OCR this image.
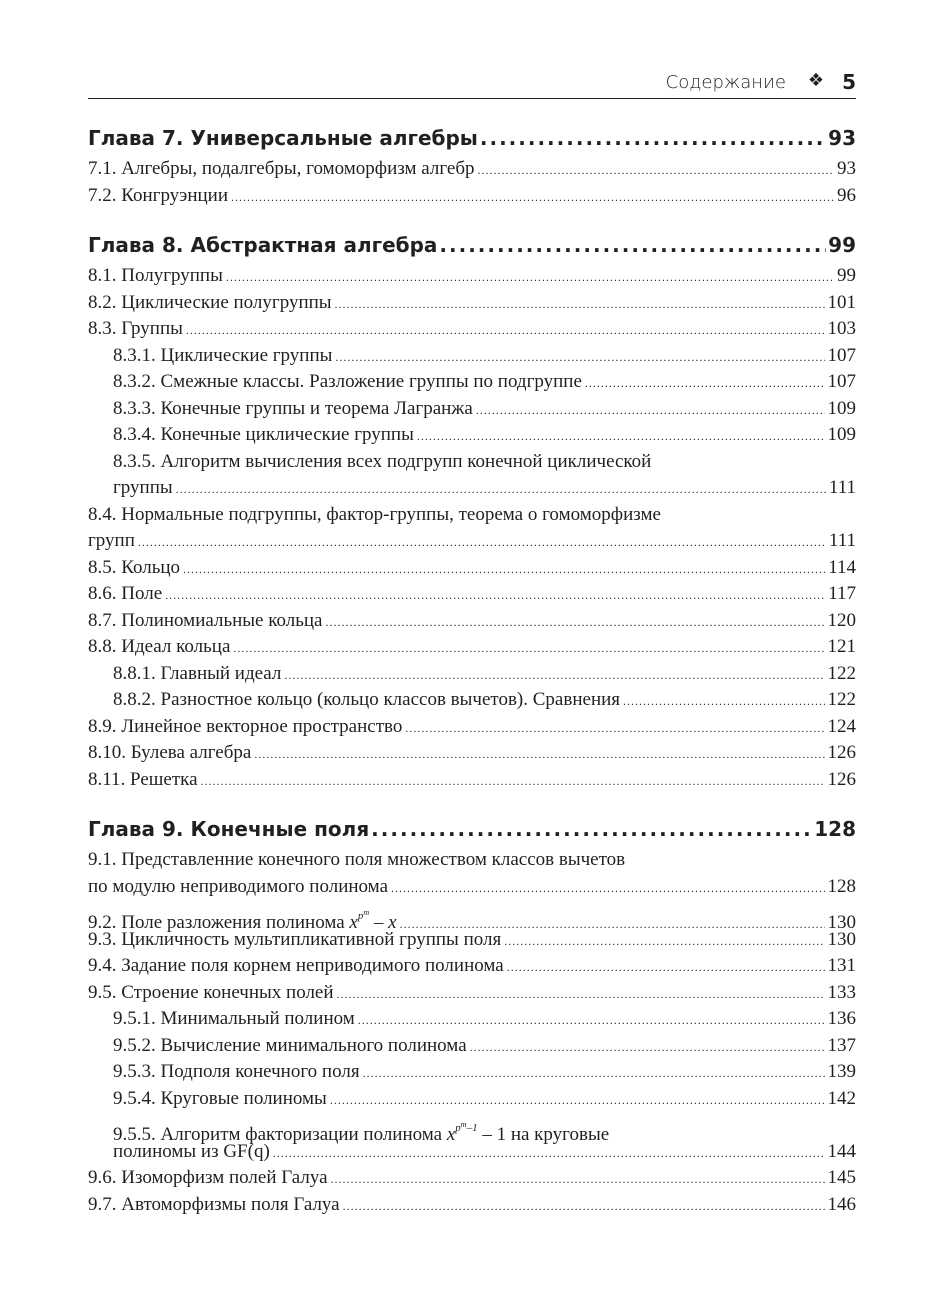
Содержание ❖ 5
Глава 7. Универсальные алгебры .....	93
7.1. Алгебры, подалгебры, гомоморфизм алгебр .....	93
7.2. Конгруэнции .....	96
Глава 8. Абстрактная алгебра .....	99
8.1. Полугруппы .....	99
8.2. Циклические полугруппы .....	101
8.3. Группы .....	103
8.3.1. Циклические группы .....	107
8.3.2. Смежные классы. Разложение группы по подгруппе .....	107
8.3.3. Конечные группы и теорема Лагранжа .....	109
8.3.4. Конечные циклические группы .....	109
8.3.5. Алгоритм вычисления всех подгрупп конечной циклической
группы .....	111
8.4. Нормальные подгруппы, фактор-группы, теорема о гомоморфизме
групп .....	111
8.5. Кольцо .....	114
8.6. Поле .....	117
8.7. Полиномиальные кольца .....	120
8.8. Идеал кольца .....	121
8.8.1. Главный идеал .....	122
8.8.2. Разностное кольцо (кольцо классов вычетов). Сравнения .....	122
8.9. Линейное векторное пространство .....	124
8.10. Булева алгебра .....	126
8.11. Решетка .....	126
Глава 9. Конечные поля .....	128
9.1. Представленние конечного поля множеством классов вычетов
по модулю неприводимого полинома .....	128
9.2. Поле разложения полинома $x^{p^m}$ – x .....	130
9.3. Цикличность мультипликативной группы поля .....	130
9.4. Задание поля корнем неприводимого полинома .....	131
9.5. Строение конечных полей .....	133
9.5.1. Минимальный полином .....	136
9.5.2. Вычисление минимального полинома .....	137
9.5.3. Подполя конечного поля .....	139
9.5.4. Круговые полиномы .....	142
9.5.5. Алгоритм факторизации полинома $x^{p^m-1} - 1$ на круговые
полиномы из GF(q) .....	144
9.6. Изоморфизм полей Галуа .....	145
9.7. Автоморфизмы поля Галуа .....	146
